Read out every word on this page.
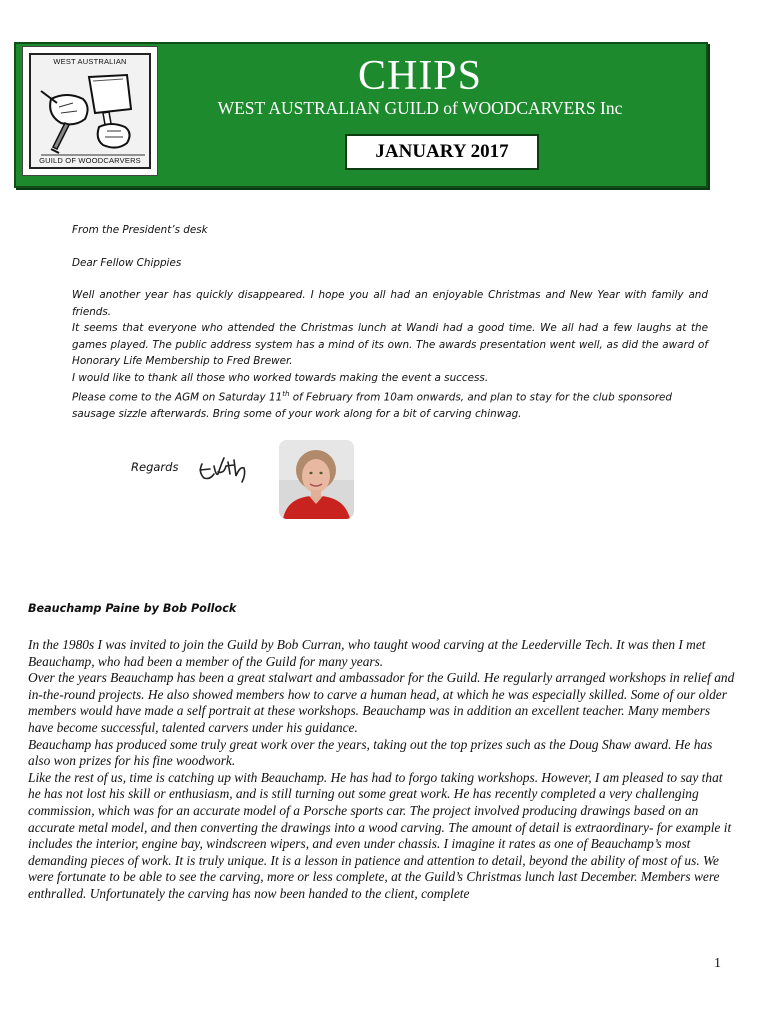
WEST AUSTRALIAN
GUILD OF WOODCARVERS
CHIPS
WEST AUSTRALIAN GUILD of WOODCARVERS Inc
JANUARY 2017

From the President’s desk

Dear Fellow Chippies

Well another year has quickly disappeared. I hope you all had an enjoyable Christmas and New Year with family and friends.

It seems that everyone who attended the Christmas lunch at Wandi had a good time. We all had a few laughs at the games played. The public address system has a mind of its own. The awards presentation went well, as did the award of Honorary Life Membership to Fred Brewer.

I would like to thank all those who worked towards making the event a success.

Please come to the AGM on Saturday 11th of February from 10am onwards, and plan to stay for the club sponsored sausage sizzle afterwards. Bring some of your work along for a bit of carving chinwag.

Regards
Beauchamp Paine by Bob Pollock

In the 1980s I was invited to join the Guild by Bob Curran, who taught wood carving at the Leederville Tech. It was then I met Beauchamp, who had been a member of the Guild for many years.

Over the years Beauchamp has been a great stalwart and ambassador for the Guild. He regularly arranged workshops in relief and in-the-round projects. He also showed members how to carve a human head, at which he was especially skilled. Some of our older members would have made a self portrait at these workshops. Beauchamp was in addition an excellent teacher. Many members have become successful, talented carvers under his guidance.

Beauchamp has produced some truly great work over the years, taking out the top prizes such as the Doug Shaw award. He has also won prizes for his fine woodwork.

Like the rest of us, time is catching up with Beauchamp. He has had to forgo taking workshops. However, I am pleased to say that he has not lost his skill or enthusiasm, and is still turning out some great work. He has recently completed a very challenging commission, which was for an accurate model of a Porsche sports car. The project involved producing drawings based on an accurate metal model, and then converting the drawings into a wood carving. The amount of detail is extraordinary- for example it includes the interior, engine bay, windscreen wipers, and even under chassis. I imagine it rates as one of Beauchamp’s most demanding pieces of work. It is truly unique. It is a lesson in patience and attention to detail, beyond the ability of most of us. We were fortunate to be able to see the carving, more or less complete, at the Guild’s Christmas lunch last December. Members were enthralled. Unfortunately the carving has now been handed to the client, complete

1
